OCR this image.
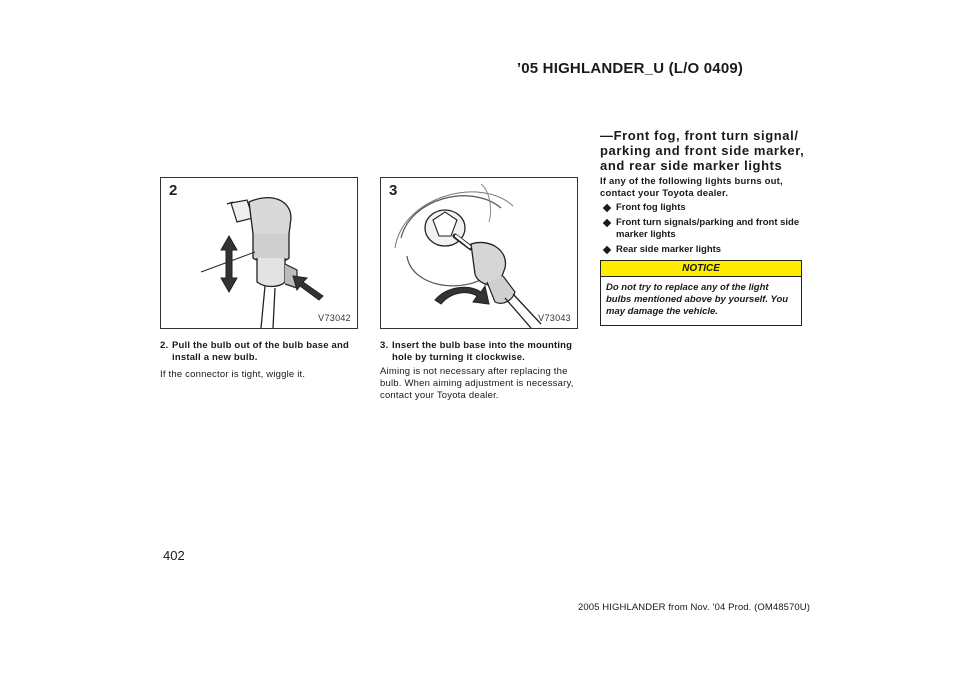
’05 HIGHLANDER_U (L/O 0409)
—Front fog, front turn signal/ parking and front side marker, and rear side marker lights
2
V73042
3
V73043
2. Pull the bulb out of the bulb base and install a new bulb.
If the connector is tight, wiggle it.
3. Insert the bulb base into the mounting hole by turning it clockwise.
Aiming is not necessary after replacing the bulb. When aiming adjustment is necessary, contact your Toyota dealer.
If any of the following lights burns out, contact your Toyota dealer.
Front fog lights
Front turn signals/parking and front side marker lights
Rear side marker lights
NOTICE
Do not try to replace any of the light bulbs mentioned above by yourself. You may damage the vehicle.
402
2005 HIGHLANDER from Nov. ’04 Prod. (OM48570U)
